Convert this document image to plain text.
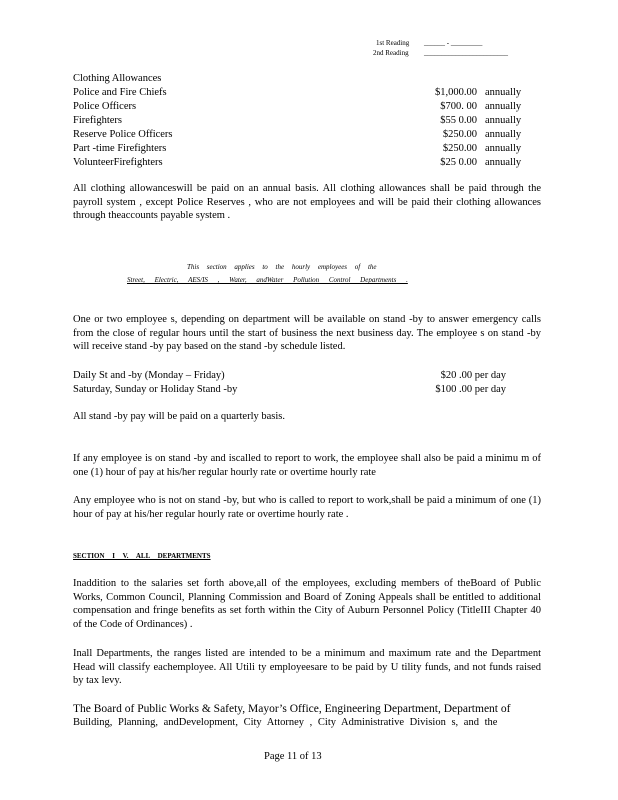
1st Reading ______ - _________
2nd Reading ________________________
Clothing Allowances
Police and Fire Chiefs	$1,000.00 annually
Police Officers	$700. 00 annually
Firefighters	$55 0.00 annually
Reserve Police Officers	$250.00 annually
Part -time Firefighters	$250.00 annually
VolunteerFirefighters	$25 0.00 annually
All clothing allowanceswill be paid on an annual basis. All clothing allowances shall be paid through the payroll system , except Police Reserves , who are not employees and will be paid their clothing allowances through theaccounts payable system .
This section applies to the hourly employees of the
Street, Electric, AES/IS , Water, andWater Pollution Control Departments .
One or two employee s, depending on department will be available on stand -by to answer emergency calls from the close of regular hours until the start of business the next business day. The employee s on stand -by will receive stand -by pay based on the stand -by schedule listed.
Daily St and -by (Monday – Friday)	$20 .00 per day
Saturday, Sunday or Holiday Stand -by	$100 .00 per day
All stand -by pay will be paid on a quarterly basis.
If any employee is on stand -by and iscalled to report to work, the employee shall also be paid a minimu m of one (1) hour of pay at his/her regular hourly rate or overtime hourly rate
Any employee who is not on stand -by, but who is called to report to work,shall be paid a minimum of one (1) hour of pay at his/her regular hourly rate or overtime hourly rate .
SECTION I V. ALL DEPARTMENTS
Inaddition to the salaries set forth above,all of the employees, excluding members of theBoard of Public Works, Common Council, Planning Commission and Board of Zoning Appeals shall be entitled to additional compensation and fringe benefits as set forth within the City of Auburn Personnel Policy (TitleIII Chapter 40 of the Code of Ordinances) .
Inall Departments, the ranges listed are intended to be a minimum and maximum rate and the Department Head will classify eachemployee. All Utili ty employeesare to be paid by U tility funds, and not funds raised by tax levy.
The Board of Public Works & Safety, Mayor’s Office, Engineering Department, Department of
Building, Planning, andDevelopment, City Attorney , City Administrative Division s, and the
Page 11 of 13
